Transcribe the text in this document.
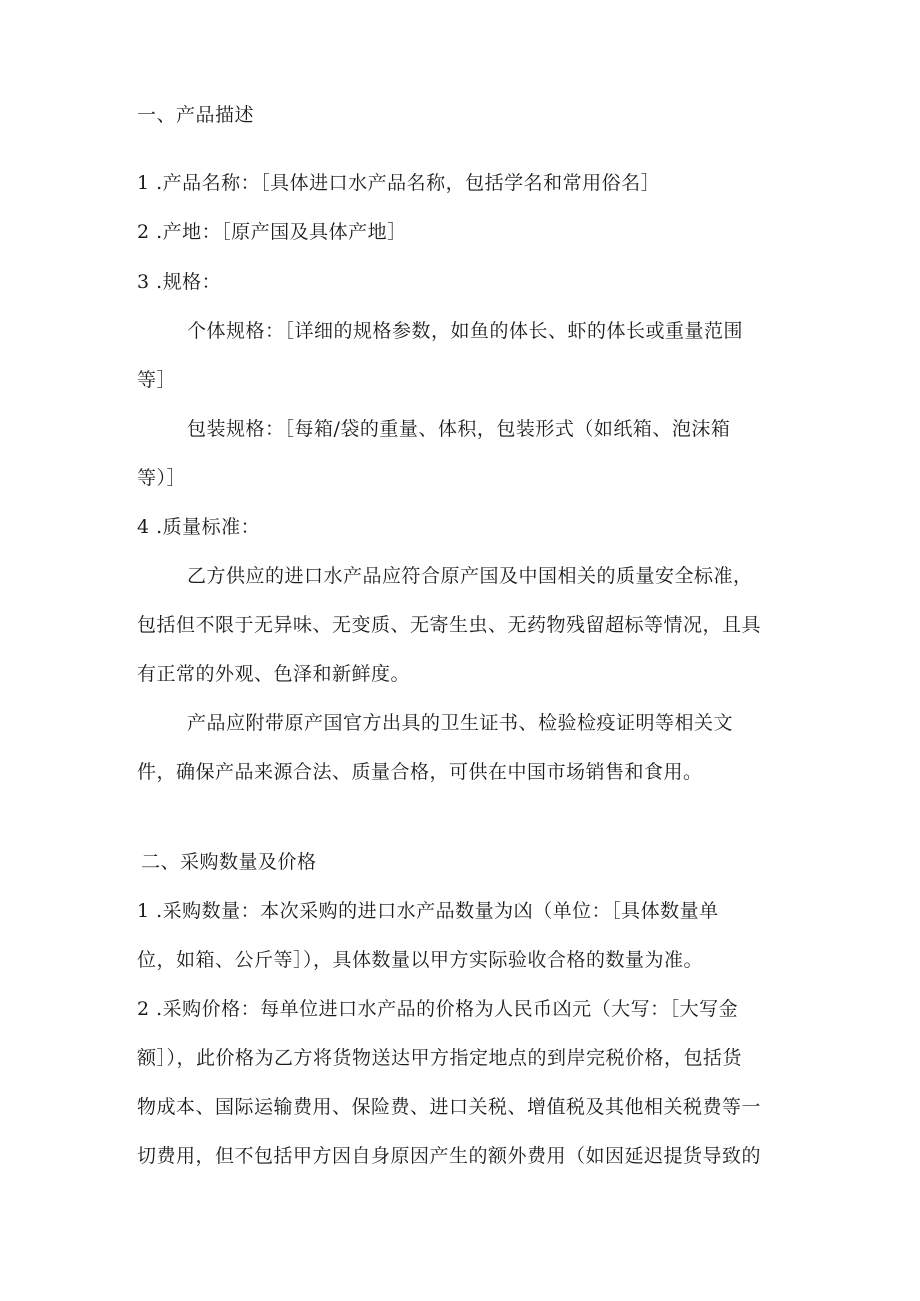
一、产品描述
1 .产品名称：［具体进口水产品名称，包括学名和常用俗名］
2 .产地：［原产国及具体产地］
3 .规格：
个体规格：［详细的规格参数，如鱼的体长、虾的体长或重量范围
等］
包装规格：［每箱/袋的重量、体积，包装形式（如纸箱、泡沫箱
等）］
4 .质量标准：
乙方供应的进口水产品应符合原产国及中国相关的质量安全标准，
包括但不限于无异味、无变质、无寄生虫、无药物残留超标等情况，且具
有正常的外观、色泽和新鲜度。
产品应附带原产国官方出具的卫生证书、检验检疫证明等相关文
件，确保产品来源合法、质量合格，可供在中国市场销售和食用。
二、采购数量及价格
1 .采购数量：本次采购的进口水产品数量为凶（单位：［具体数量单
位，如箱、公斤等］），具体数量以甲方实际验收合格的数量为准。
2 .采购价格：每单位进口水产品的价格为人民币凶元（大写：［大写金
额］），此价格为乙方将货物送达甲方指定地点的到岸完税价格，包括货
物成本、国际运输费用、保险费、进口关税、增值税及其他相关税费等一
切费用，但不包括甲方因自身原因产生的额外费用（如因延迟提货导致的
